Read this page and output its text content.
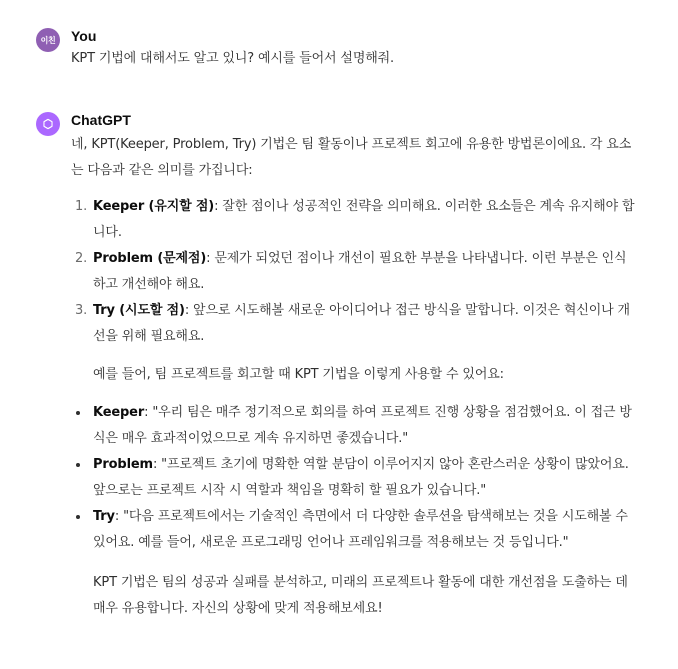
이친	You
KPT 기법에 대해서도 알고 있니? 예시를 들어서 설명해줘.
ChatGPT
네, KPT(Keeper, Problem, Try) 기법은 팀 활동이나 프로젝트 회고에 유용한 방법론이에요. 각 요소는 다음과 같은 의미를 가집니다:
1. Keeper (유지할 점): 잘한 점이나 성공적인 전략을 의미해요. 이러한 요소들은 계속 유지해야 합니다.
2. Problem (문제점): 문제가 되었던 점이나 개선이 필요한 부분을 나타냅니다. 이런 부분은 인식하고 개선해야 해요.
3. Try (시도할 점): 앞으로 시도해볼 새로운 아이디어나 접근 방식을 말합니다. 이것은 혁신이나 개선을 위해 필요해요.
예를 들어, 팀 프로젝트를 회고할 때 KPT 기법을 이렇게 사용할 수 있어요:
Keeper: "우리 팀은 매주 정기적으로 회의를 하여 프로젝트 진행 상황을 점검했어요. 이 접근 방식은 매우 효과적이었으므로 계속 유지하면 좋겠습니다."
Problem: "프로젝트 초기에 명확한 역할 분담이 이루어지지 않아 혼란스러운 상황이 많았어요. 앞으로는 프로젝트 시작 시 역할과 책임을 명확히 할 필요가 있습니다."
Try: "다음 프로젝트에서는 기술적인 측면에서 더 다양한 솔루션을 탐색해보는 것을 시도해볼 수 있어요. 예를 들어, 새로운 프로그래밍 언어나 프레임워크를 적용해보는 것 등입니다."
KPT 기법은 팀의 성공과 실패를 분석하고, 미래의 프로젝트나 활동에 대한 개선점을 도출하는 데 매우 유용합니다. 자신의 상황에 맞게 적용해보세요!
